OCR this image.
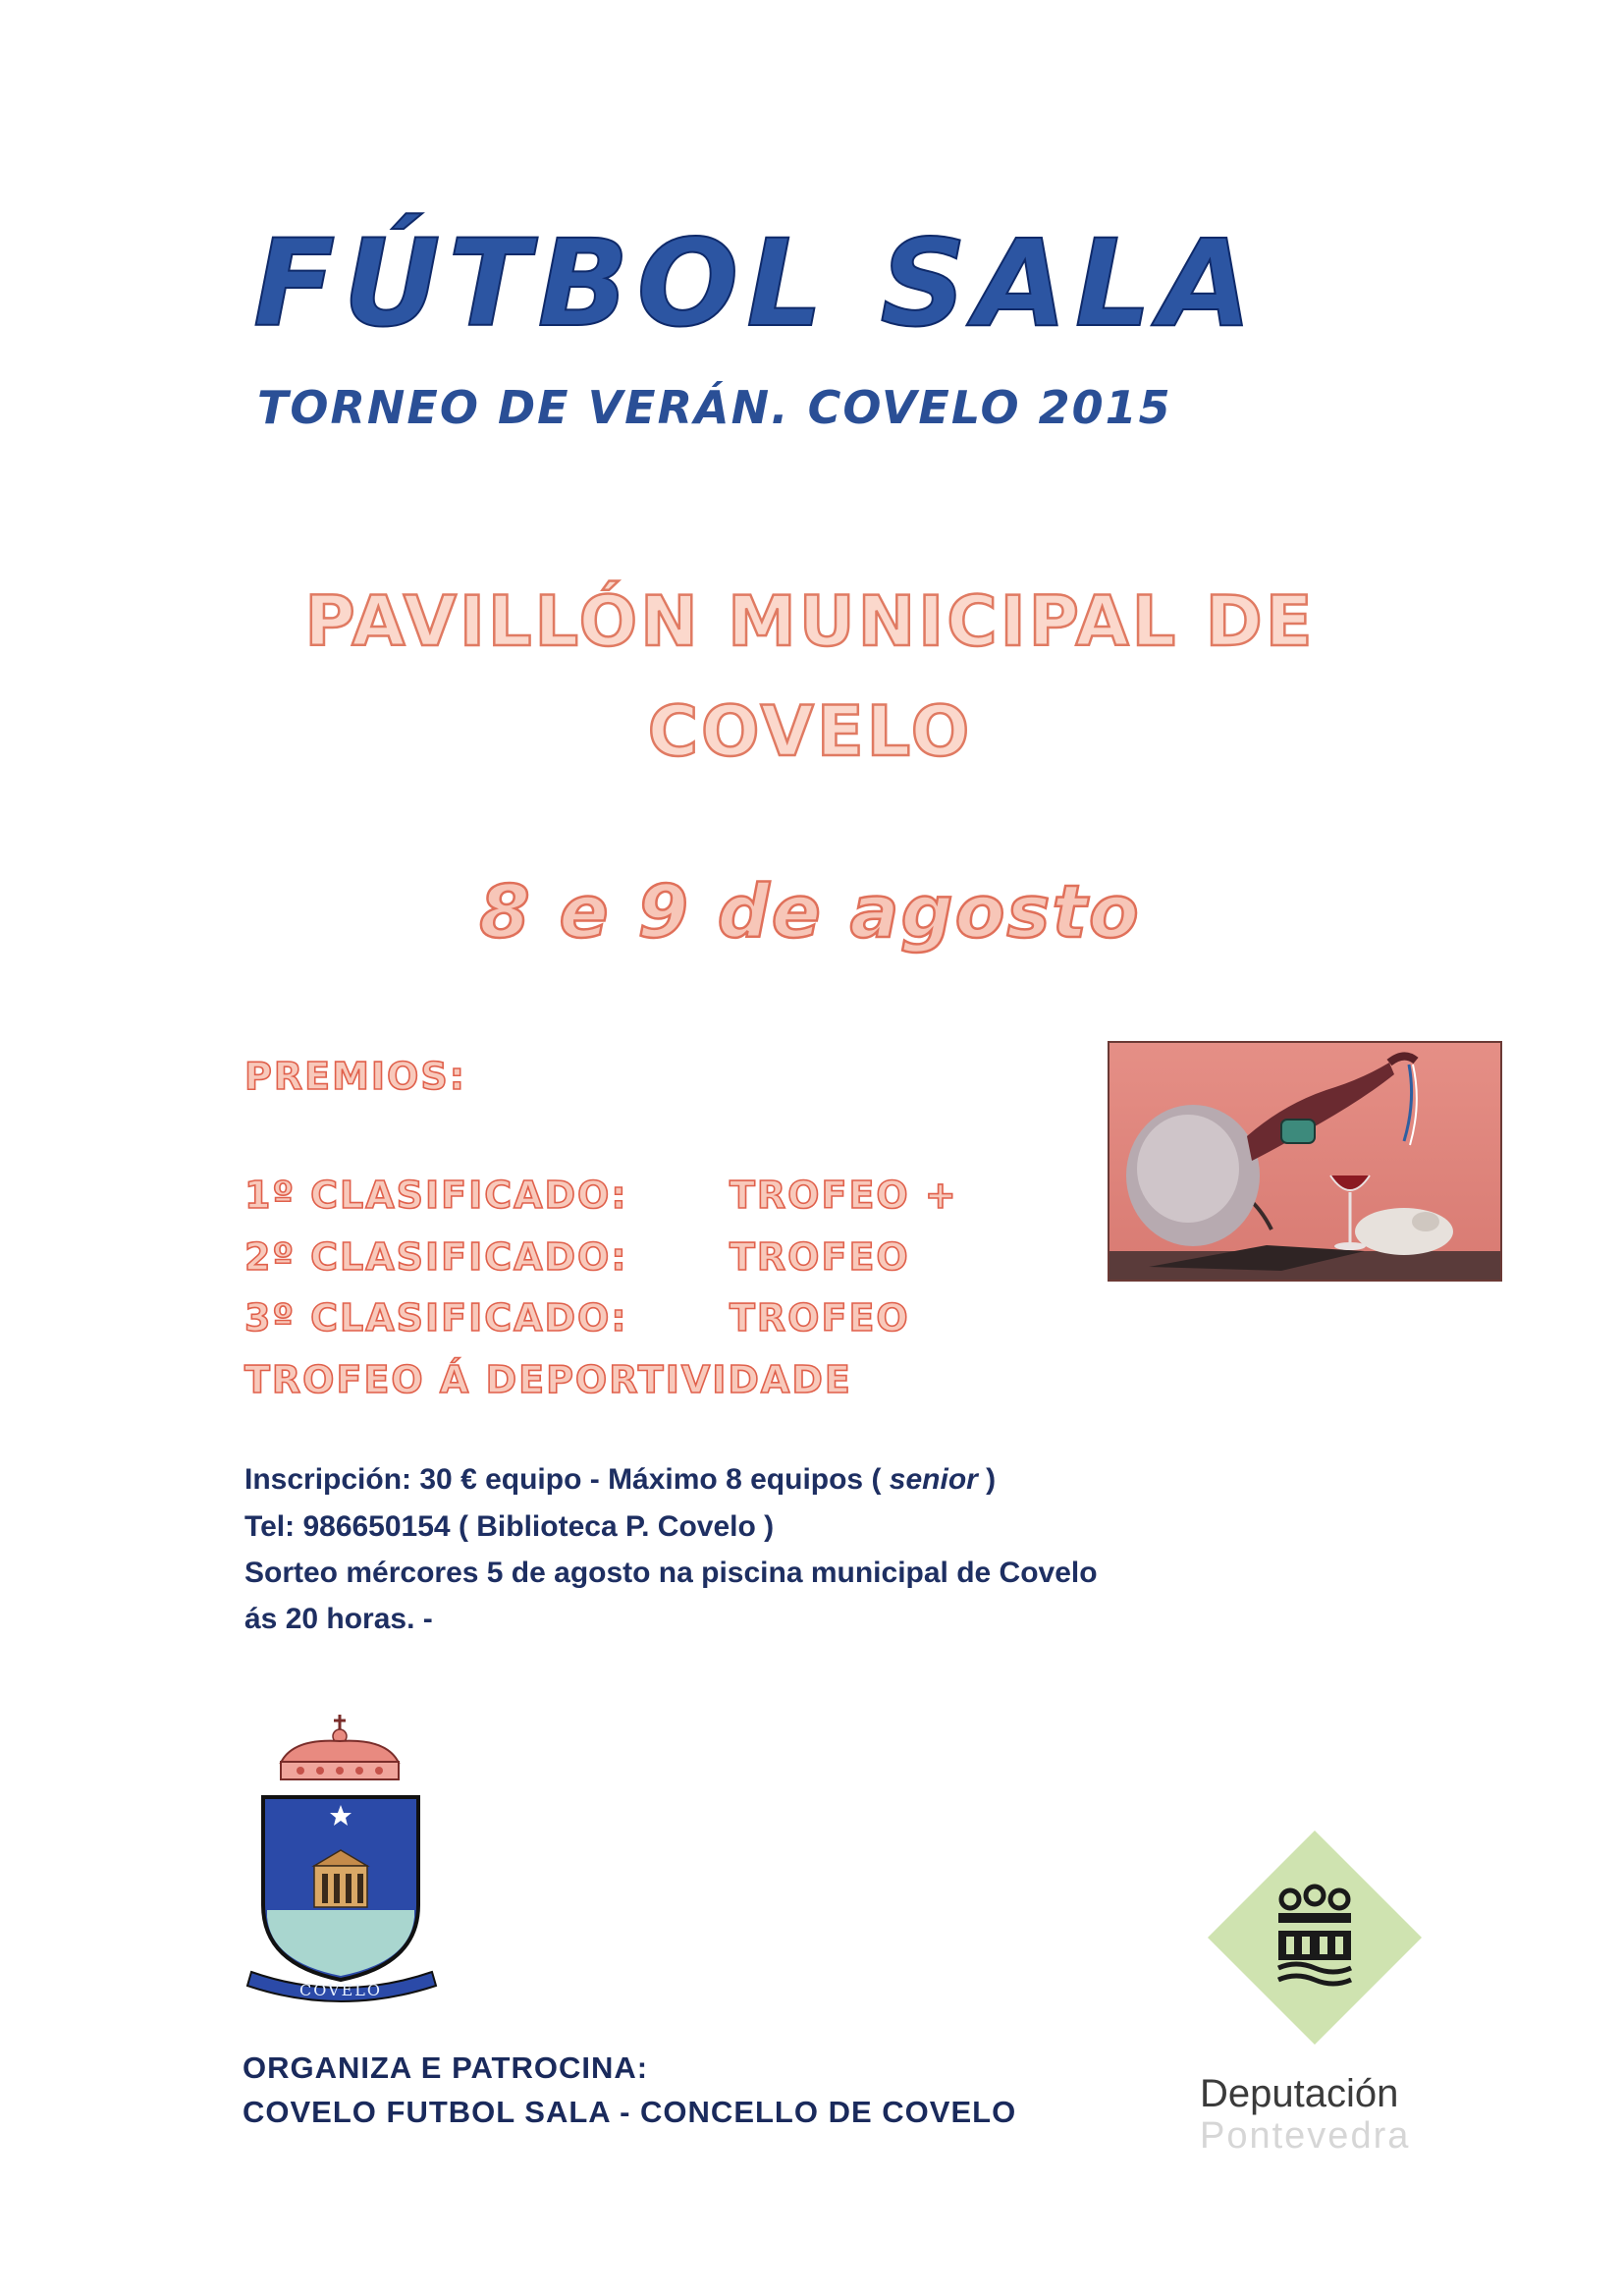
FÚTBOL SALA
TORNEO DE VERÁN. COVELO 2015
PAVILLÓN MUNICIPAL DE
COVELO
8 e 9 de agosto
PREMIOS:
1º CLASIFICADO:	TROFEO +
2º CLASIFICADO:	TROFEO
3º CLASIFICADO:	TROFEO
TROFEO Á DEPORTIVIDADE
Inscripción: 30 € equipo - Máximo 8 equipos ( senior )
Tel: 986650154 ( Biblioteca P. Covelo )
Sorteo mércores 5 de agosto na piscina municipal de Covelo
ás 20 horas. -
COVELO
Deputación
Pontevedra
ORGANIZA E PATROCINA:
COVELO FUTBOL SALA - CONCELLO DE COVELO
